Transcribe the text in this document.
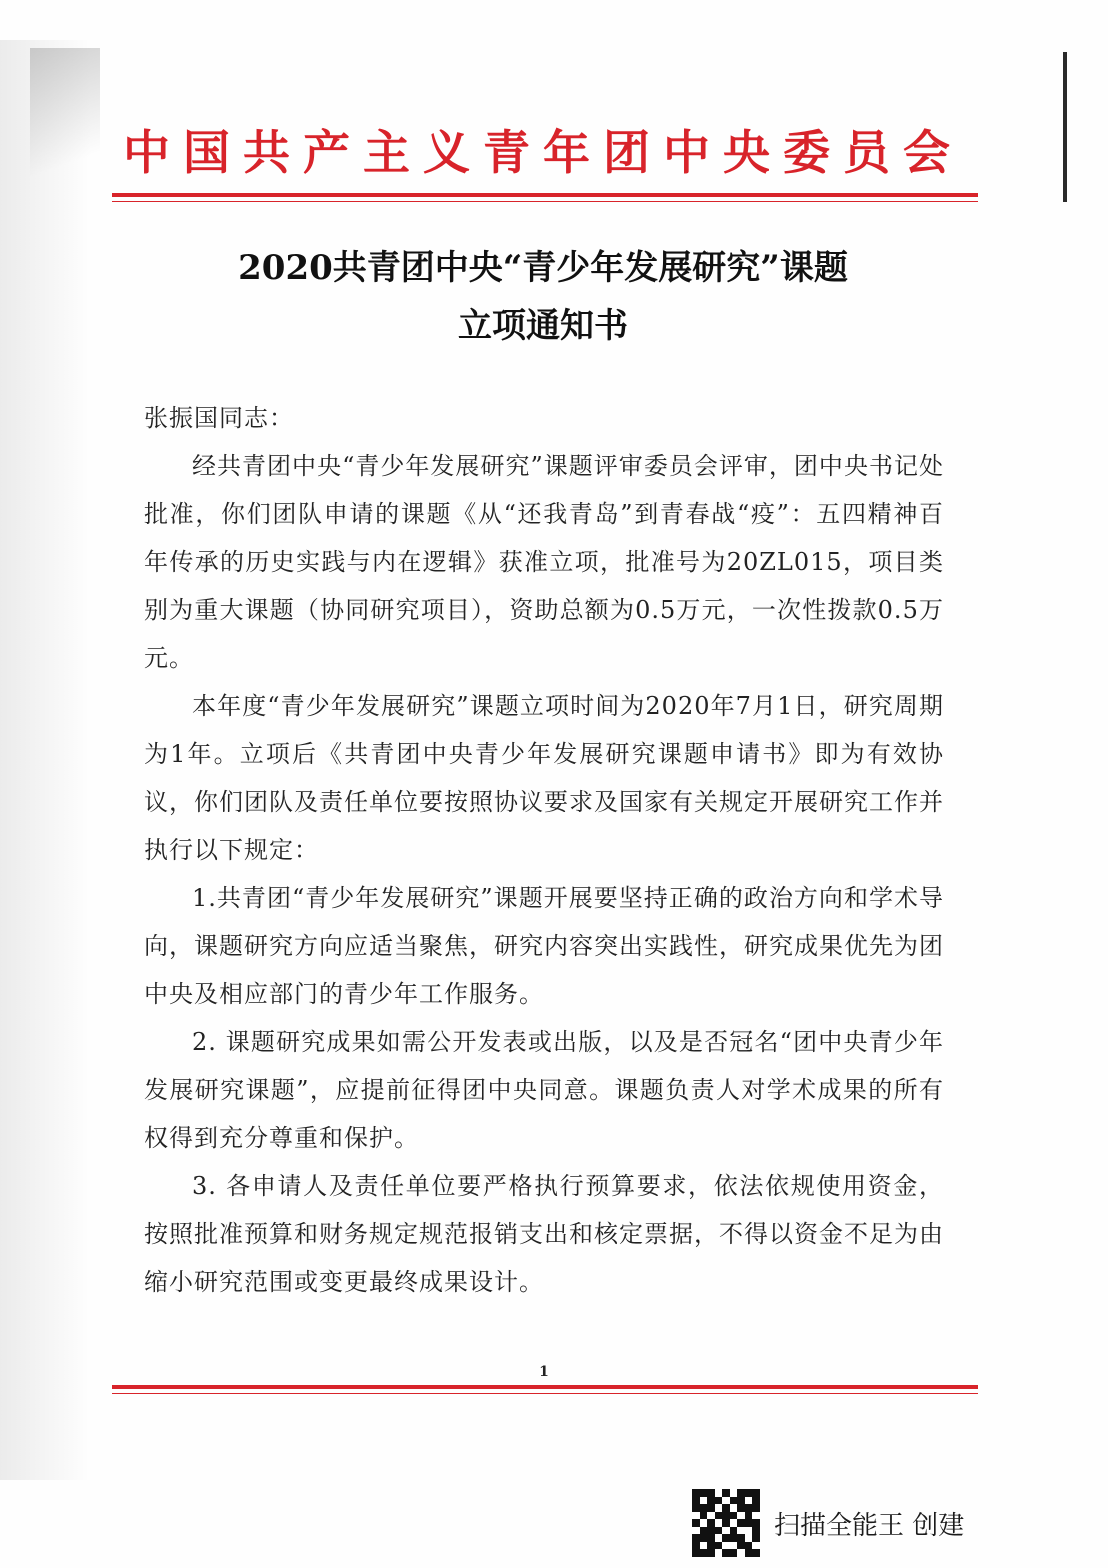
中国共产主义青年团中央委员会
2020共青团中央“青少年发展研究”课题
立项通知书

张振国同志：

经共青团中央“青少年发展研究”课题评审委员会评审，团中央书记处批准，你们团队申请的课题《从“还我青岛”到青春战“疫”：五四精神百年传承的历史实践与内在逻辑》获准立项，批准号为20ZL015，项目类别为重大课题（协同研究项目），资助总额为0.5万元，一次性拨款0.5万元。

本年度“青少年发展研究”课题立项时间为2020年7月1日，研究周期为1年。立项后《共青团中央青少年发展研究课题申请书》即为有效协议，你们团队及责任单位要按照协议要求及国家有关规定开展研究工作并执行以下规定：

1.共青团“青少年发展研究”课题开展要坚持正确的政治方向和学术导向，课题研究方向应适当聚焦，研究内容突出实践性，研究成果优先为团中央及相应部门的青少年工作服务。

2. 课题研究成果如需公开发表或出版，以及是否冠名“团中央青少年发展研究课题”，应提前征得团中央同意。课题负责人对学术成果的所有权得到充分尊重和保护。

3. 各申请人及责任单位要严格执行预算要求，依法依规使用资金，按照批准预算和财务规定规范报销支出和核定票据，不得以资金不足为由缩小研究范围或变更最终成果设计。

1
扫描全能王 创建
